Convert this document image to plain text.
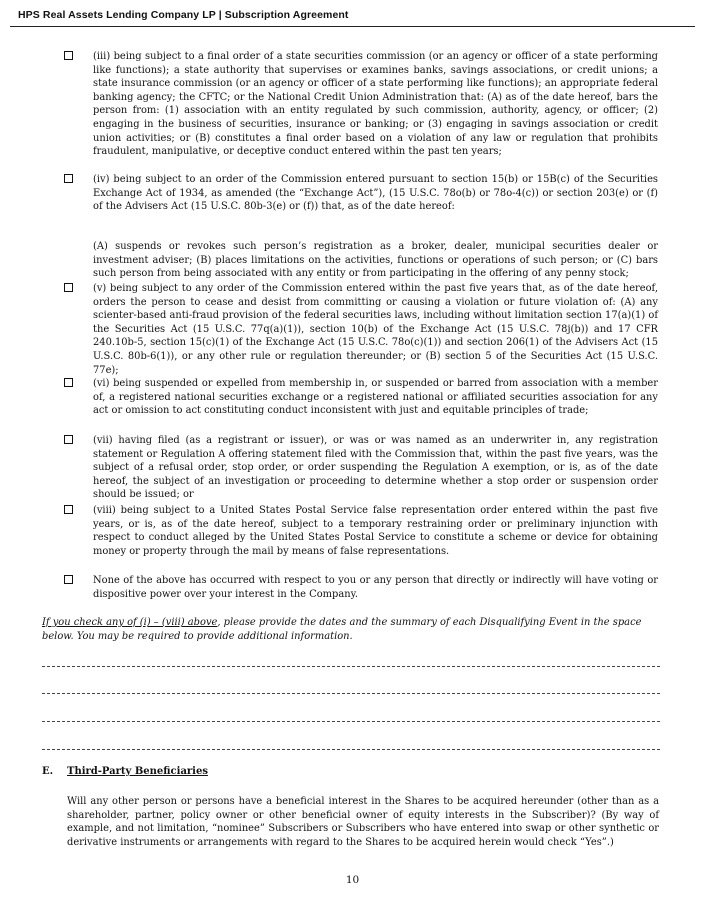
HPS Real Assets Lending Company LP | Subscription Agreement

(iii) being subject to a final order of a state securities commission (or an agency or officer of a state performing like functions); a state authority that supervises or examines banks, savings associations, or credit unions; a state insurance commission (or an agency or officer of a state performing like functions); an appropriate federal banking agency; the CFTC; or the National Credit Union Administration that: (A) as of the date hereof, bars the person from: (1) association with an entity regulated by such commission, authority, agency, or officer; (2) engaging in the business of securities, insurance or banking; or (3) engaging in savings association or credit union activities; or (B) constitutes a final order based on a violation of any law or regulation that prohibits fraudulent, manipulative, or deceptive conduct entered within the past ten years;

(iv) being subject to an order of the Commission entered pursuant to section 15(b) or 15B(c) of the Securities Exchange Act of 1934, as amended (the “Exchange Act”), (15 U.S.C. 78o(b) or 78o-4(c)) or section 203(e) or (f) of the Advisers Act (15 U.S.C. 80b-3(e) or (f)) that, as of the date hereof:

(A) suspends or revokes such person’s registration as a broker, dealer, municipal securities dealer or investment adviser; (B) places limitations on the activities, functions or operations of such person; or (C) bars such person from being associated with any entity or from participating in the offering of any penny stock;

(v) being subject to any order of the Commission entered within the past five years that, as of the date hereof, orders the person to cease and desist from committing or causing a violation or future violation of: (A) any scienter-based anti-fraud provision of the federal securities laws, including without limitation section 17(a)(1) of the Securities Act (15 U.S.C. 77q(a)(1)), section 10(b) of the Exchange Act (15 U.S.C. 78j(b)) and 17 CFR 240.10b-5, section 15(c)(1) of the Exchange Act (15 U.S.C. 78o(c)(1)) and section 206(1) of the Advisers Act (15 U.S.C. 80b-6(1)), or any other rule or regulation thereunder; or (B) section 5 of the Securities Act (15 U.S.C. 77e);

(vi) being suspended or expelled from membership in, or suspended or barred from association with a member of, a registered national securities exchange or a registered national or affiliated securities association for any act or omission to act constituting conduct inconsistent with just and equitable principles of trade;

(vii) having filed (as a registrant or issuer), or was or was named as an underwriter in, any registration statement or Regulation A offering statement filed with the Commission that, within the past five years, was the subject of a refusal order, stop order, or order suspending the Regulation A exemption, or is, as of the date hereof, the subject of an investigation or proceeding to determine whether a stop order or suspension order should be issued; or

(viii) being subject to a United States Postal Service false representation order entered within the past five years, or is, as of the date hereof, subject to a temporary restraining order or preliminary injunction with respect to conduct alleged by the United States Postal Service to constitute a scheme or device for obtaining money or property through the mail by means of false representations.

None of the above has occurred with respect to you or any person that directly or indirectly will have voting or dispositive power over your interest in the Company.

If you check any of (i) – (viii) above, please provide the dates and the summary of each Disqualifying Event in the space below. You may be required to provide additional information.

E. Third-Party Beneficiaries

Will any other person or persons have a beneficial interest in the Shares to be acquired hereunder (other than as a shareholder, partner, policy owner or other beneficial owner of equity interests in the Subscriber)? (By way of example, and not limitation, “nominee” Subscribers or Subscribers who have entered into swap or other synthetic or derivative instruments or arrangements with regard to the Shares to be acquired herein would check “Yes”.)

10
